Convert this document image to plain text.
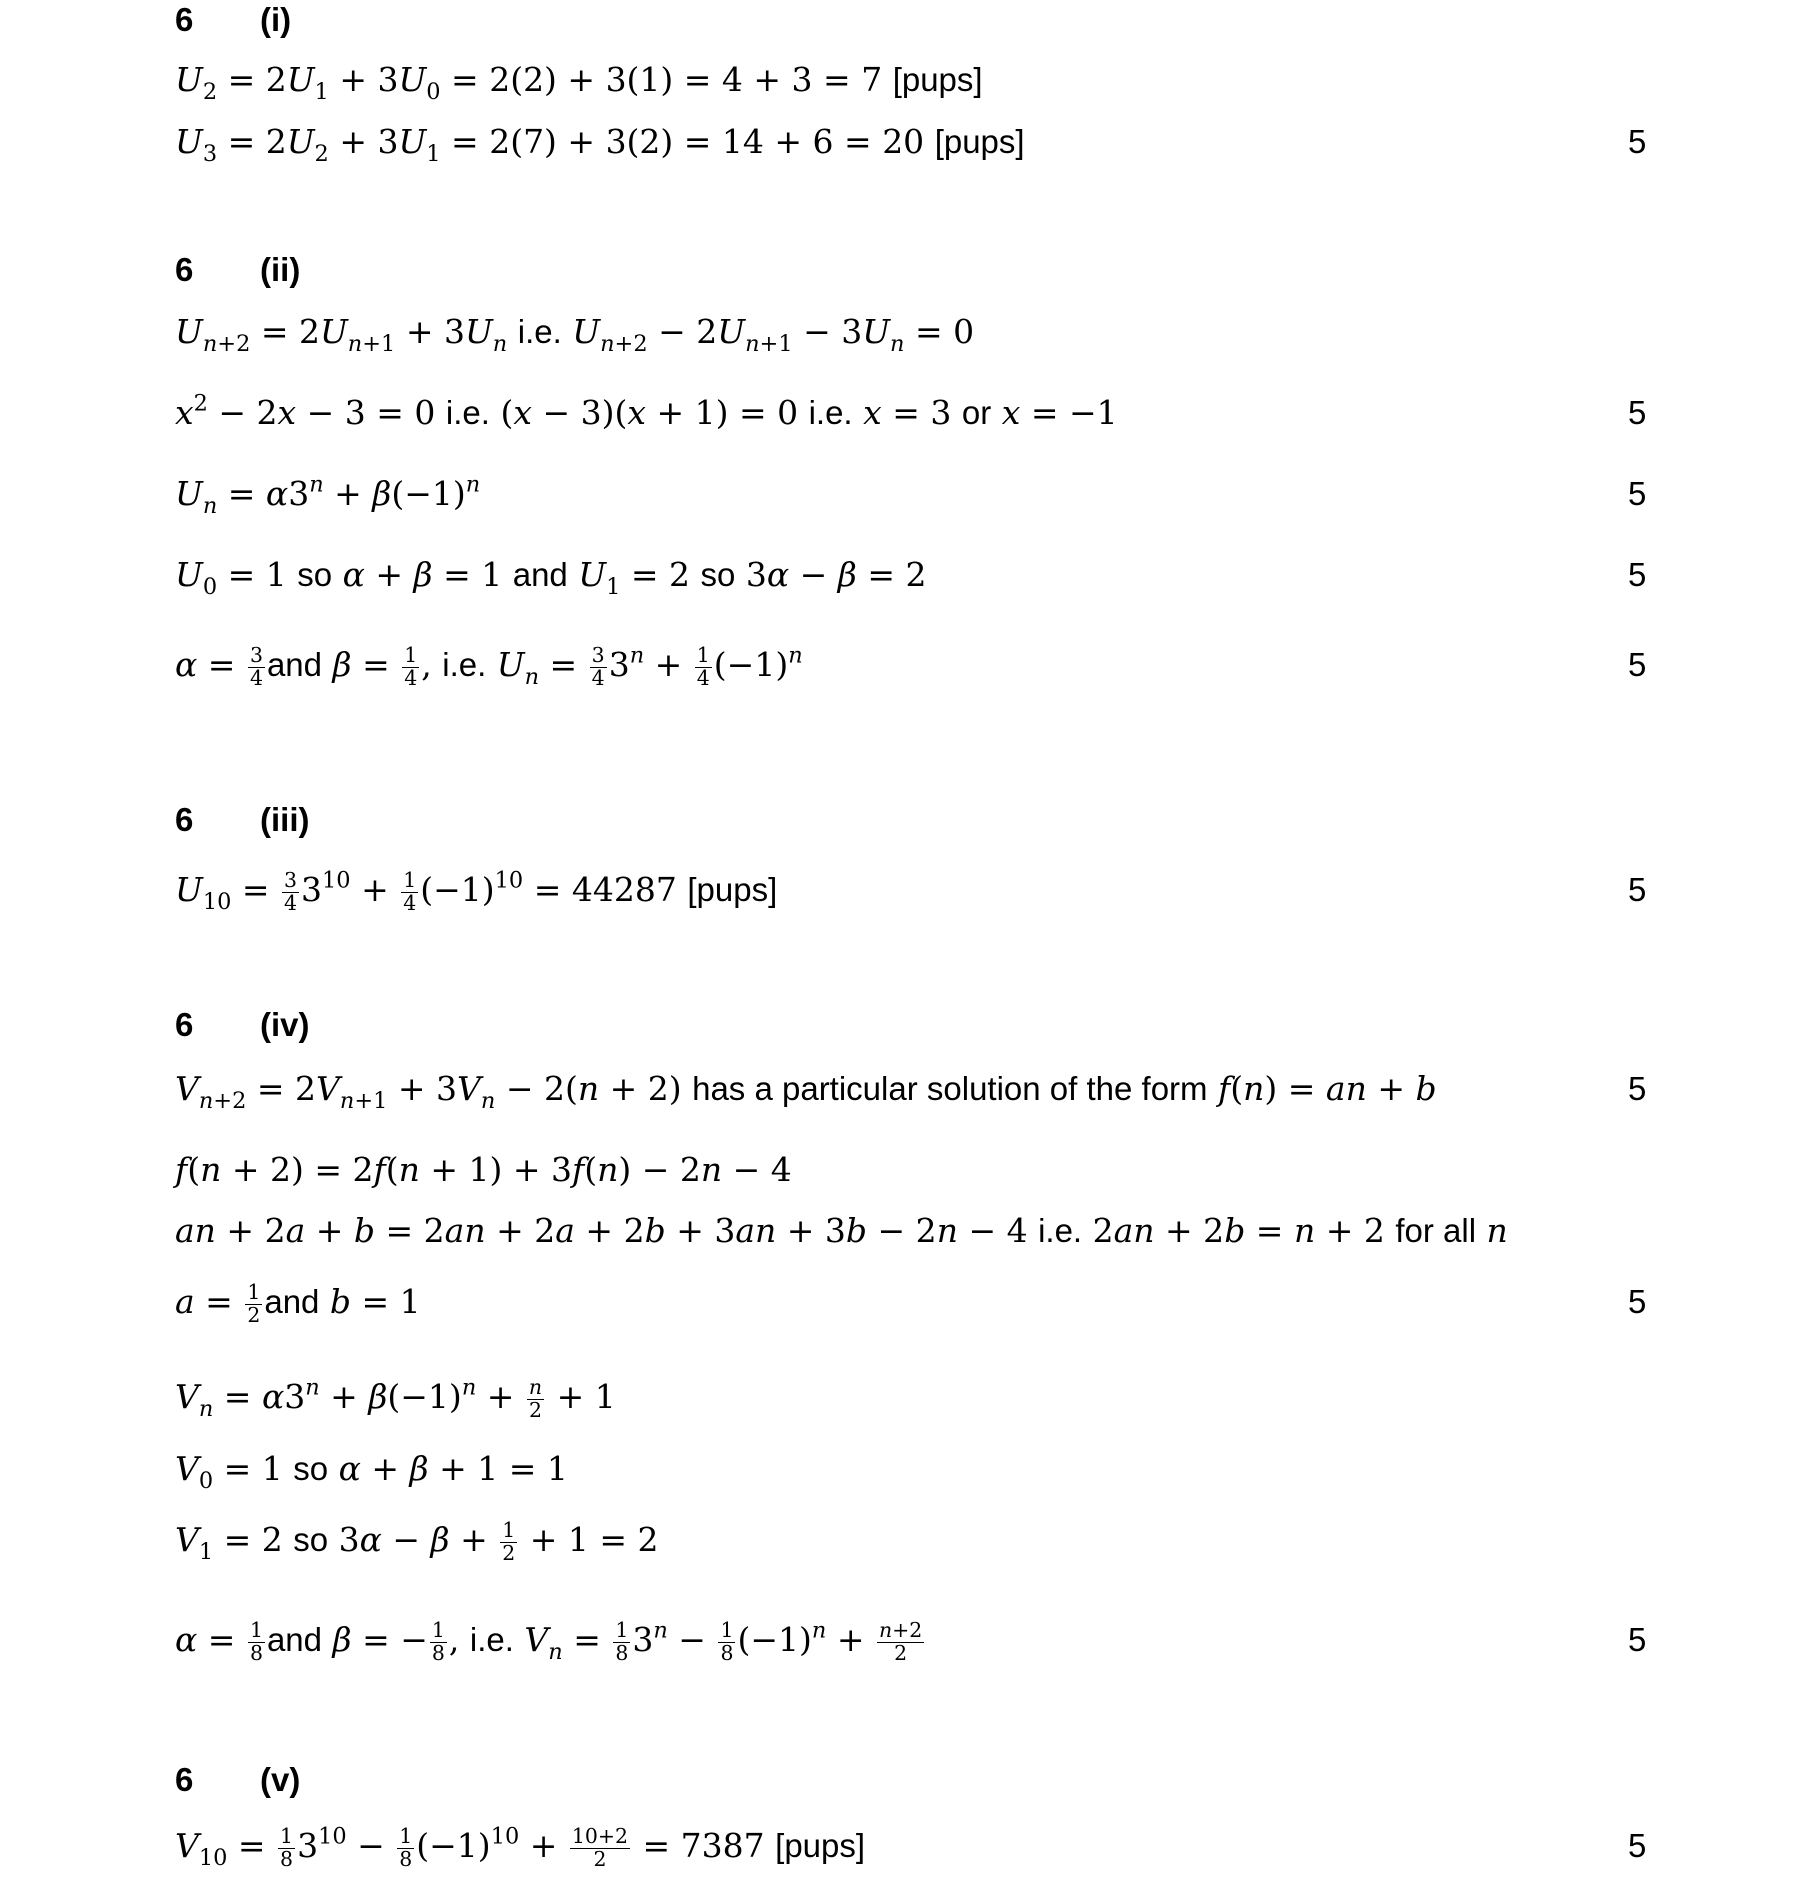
6 (i)
$U_2 = 2U_1 + 3U_0 = 2(2) + 3(1) = 4 + 3 = 7$ [pups]
$U_3 = 2U_2 + 3U_1 = 2(7) + 3(2) = 14 + 6 = 20$ [pups]	5
6 (ii)
$U_{n+2} = 2U_{n+1} + 3U_n$ i.e. $U_{n+2} - 2U_{n+1} - 3U_n = 0$
$x^2 - 2x - 3 = 0$ i.e. (x − 3)(x + 1) = 0 i.e. x = 3 or x = −1	5
$U_n = \alpha 3^n + \beta(-1)^n$	5
$U_0 = 1$ so α + β = 1 and $U_1 = 2$ so 3α − β = 2	5
$\alpha = \frac{3}{4}$ and $\beta = \frac{1}{4}$ , i.e. $U_n = \frac{3}{4} 3^n + \frac{1}{4} (-1)^n$	5
6 (iii)
$U_{10} = \frac{3}{4} 3^{10} + \frac{1}{4} (-1)^{10} = 44287$ [pups]	5
6 (iv)
$V_{n+2} = 2V_{n+1} + 3V_n - 2(n + 2)$ has a particular solution of the form f(n) = an + b	5
f(n + 2) = 2f(n + 1) + 3f(n) − 2n − 4
an + 2a + b = 2an + 2a + 2b + 3an + 3b − 2n − 4 i.e. 2an + 2b = n + 2 for all n
$a = \frac{1}{2}$ and b = 1	5
$V_n = \alpha 3^n + \beta(-1)^n + \frac{n}{2} + 1$
$V_0 = 1$ so α + β + 1 = 1
$V_1 = 2$ so $3\alpha - \beta + \frac{1}{2} + 1 = 2$
$\alpha = \frac{1}{8}$ and β = − $\frac{1}{8}$ , i.e. $V_n = \frac{1}{8} 3^n - \frac{1}{8} (-1)^n + \frac{n+2}{2}$	5
6 (v)
$V_{10} = \frac{1}{8} 3^{10} - \frac{1}{8} (-1)^{10} + \frac{10+2}{2} = 7387$ [pups]	5
